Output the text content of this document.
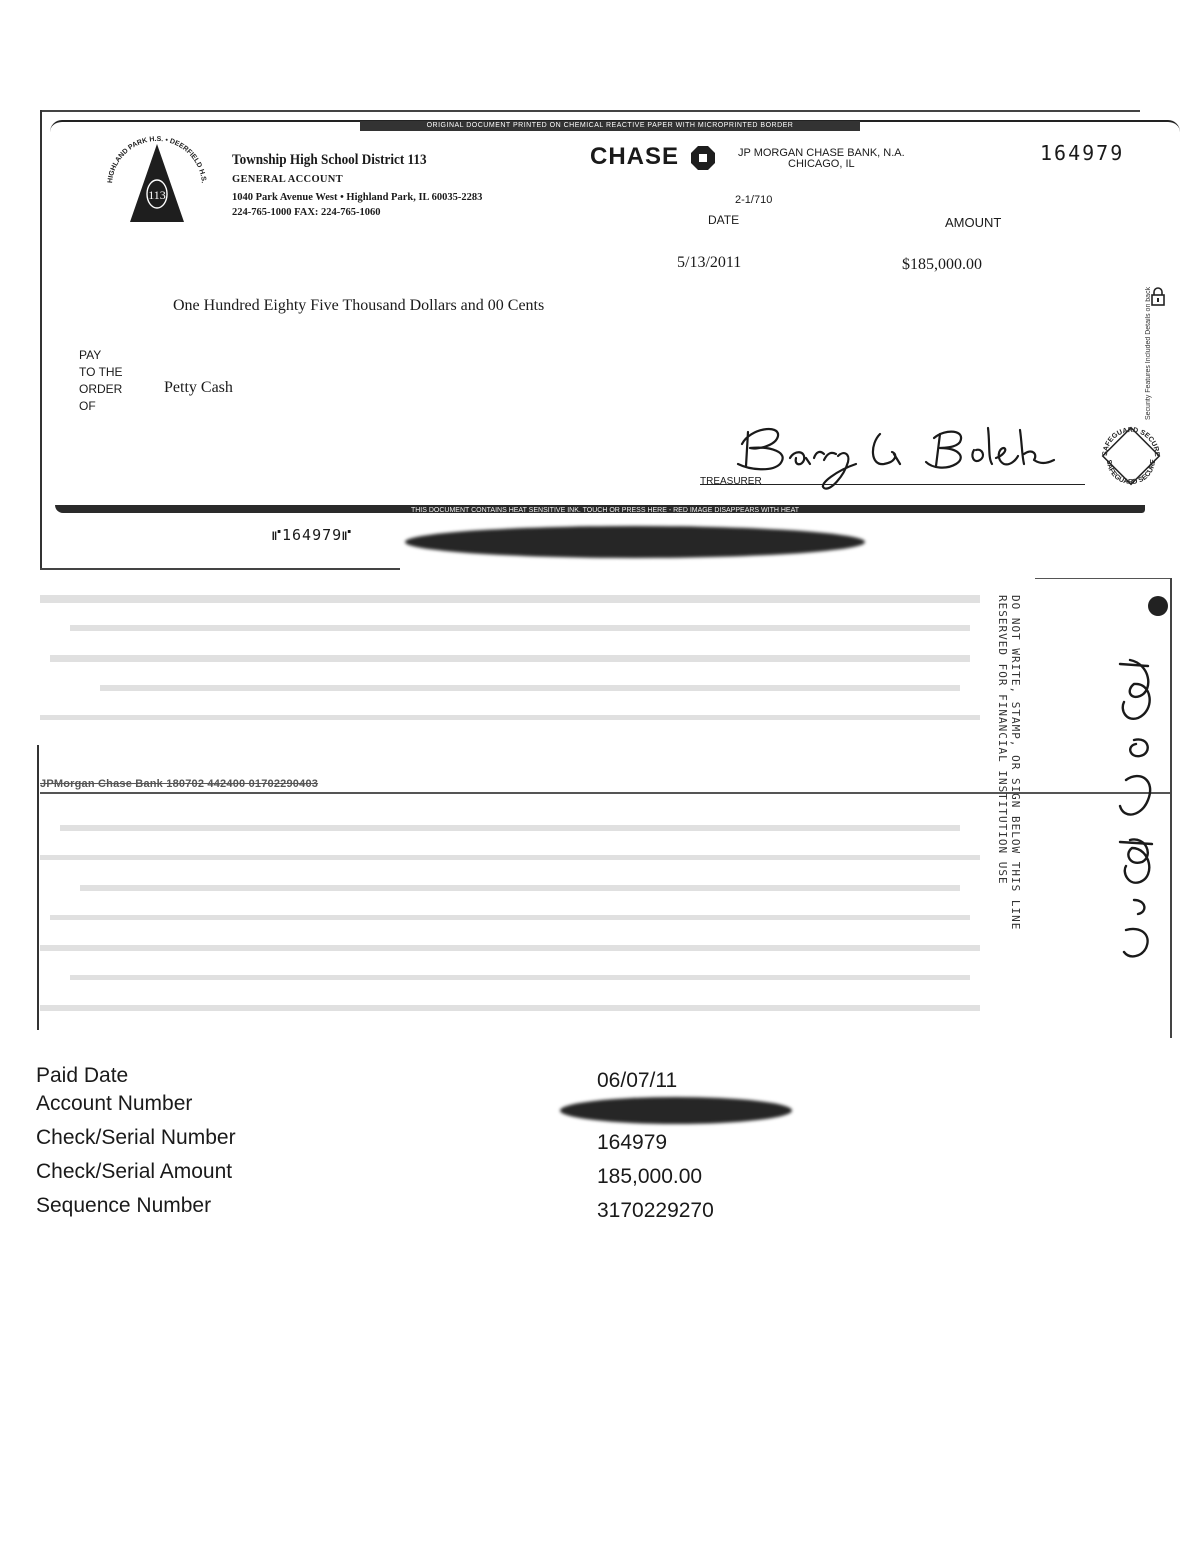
ORIGINAL DOCUMENT PRINTED ON CHEMICAL REACTIVE PAPER WITH MICROPRINTED BORDER
113
HIGHLAND PARK H.S. • DEERFIELD H.S.
Township High School District 113
GENERAL ACCOUNT
1040 Park Avenue West • Highland Park, IL 60035-2283
224-765-1000 FAX: 224-765-1060
CHASE	JP MORGAN CHASE BANK, N.A.
CHICAGO, IL	164979
2-1/710
DATE	AMOUNT
5/13/2011	$185,000.00
One Hundred Eighty Five Thousand Dollars and 00 Cents
PAY
TO THE
ORDER
OF
Petty Cash
TREASURER
SAFEGUARD SECURE
SAFEGUARD SECURE
Security Features Included Details on back
THIS DOCUMENT CONTAINS HEAT SENSITIVE INK. TOUCH OR PRESS HERE - RED IMAGE DISAPPEARS WITH HEAT
⑈164979⑈
JPMorgan Chase Bank 180702 442400 01702290403
DO NOT WRITE, STAMP, OR SIGN BELOW THIS LINE
RESERVED FOR FINANCIAL INSTITUTION USE
Paid Date	06/07/11
Account Number
Check/Serial Number	164979
Check/Serial Amount	185,000.00
Sequence Number	3170229270
